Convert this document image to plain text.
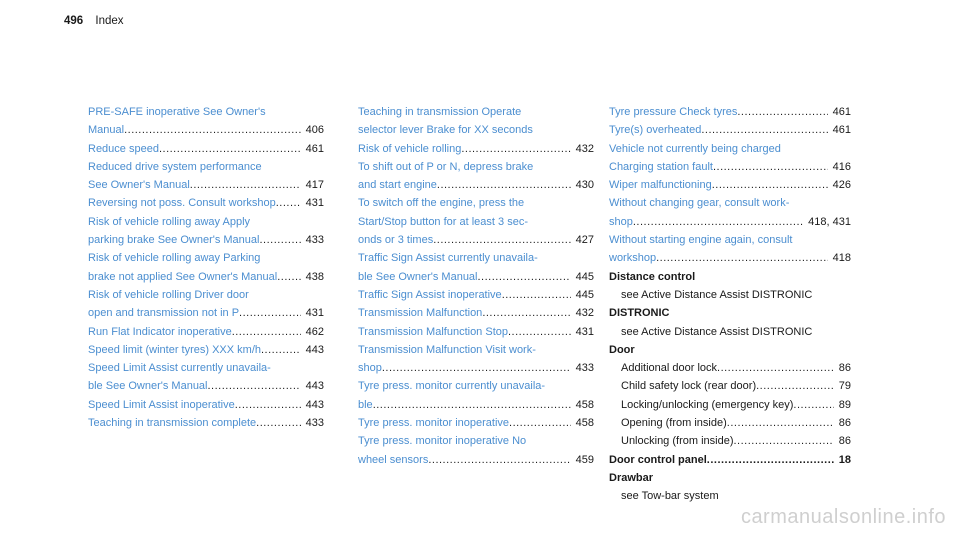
496 Index
PRE-SAFE inoperative See Owner's
Manual .....	406
Reduce speed .....	461
Reduced drive system performance
See Owner's Manual .....	417
Reversing not poss. Consult workshop .....	431
Risk of vehicle rolling away Apply
parking brake See Owner's Manual .....	433
Risk of vehicle rolling away Parking
brake not applied See Owner's Manual .....	438
Risk of vehicle rolling Driver door
open and transmission not in P .....	431
Run Flat Indicator inoperative .....	462
Speed limit (winter tyres) XXX km/h .....	443
Speed Limit Assist currently unavaila-
ble See Owner's Manual .....	443
Speed Limit Assist inoperative .....	443
Teaching in transmission complete .....	433
Teaching in transmission Operate
selector lever Brake for XX seconds
Risk of vehicle rolling .....	432
To shift out of P or N, depress brake
and start engine .....	430
To switch off the engine, press the
Start/Stop button for at least 3 sec-
onds or 3 times .....	427
Traffic Sign Assist currently unavaila-
ble See Owner's Manual .....	445
Traffic Sign Assist inoperative .....	445
Transmission Malfunction .....	432
Transmission Malfunction Stop .....	431
Transmission Malfunction Visit work-
shop .....	433
Tyre press. monitor currently unavaila-
ble .....	458
Tyre press. monitor inoperative .....	458
Tyre press. monitor inoperative No
wheel sensors .....	459
Tyre pressure Check tyres .....	461
Tyre(s) overheated .....	461
Vehicle not currently being charged
Charging station fault .....	416
Wiper malfunctioning .....	426
Without changing gear, consult work-
shop .....	418, 431
Without starting engine again, consult
workshop .....	418
Distance control
see Active Distance Assist DISTRONIC
DISTRONIC
see Active Distance Assist DISTRONIC
Door
Additional door lock .....	86
Child safety lock (rear door) .....	79
Locking/unlocking (emergency key) .....	89
Opening (from inside) .....	86
Unlocking (from inside) .....	86
Door control panel .....	18
Drawbar
see Tow-bar system
carmanualsonline.info
